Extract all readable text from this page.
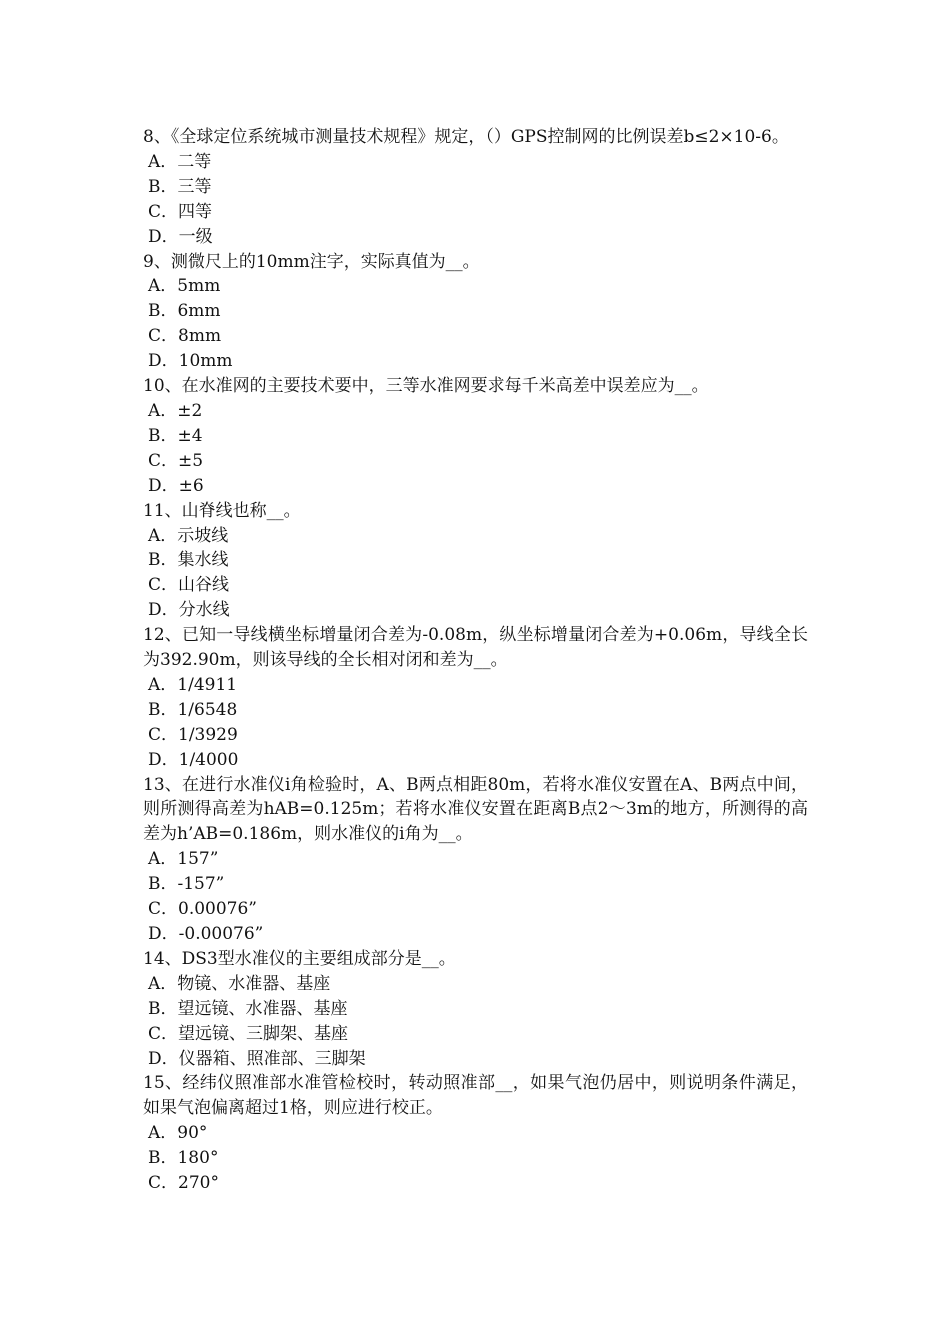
8、《全球定位系统城市测量技术规程》规定，（）GPS控制网的比例误差b≤2×10-6。

A．二等

B．三等

C．四等

D．一级

9、测微尺上的10mm注字，实际真值为__。

A．5mm

B．6mm

C．8mm

D．10mm

10、在水准网的主要技术要中，三等水准网要求每千米高差中误差应为__。

A．±2

B．±4

C．±5

D．±6

11、山脊线也称__。

A．示坡线

B．集水线

C．山谷线

D．分水线

12、已知一导线横坐标增量闭合差为-0.08m，纵坐标增量闭合差为+0.06m，导线全长为392.90m，则该导线的全长相对闭和差为__。

A．1/4911

B．1/6548

C．1/3929

D．1/4000

13、在进行水准仪i角检验时，A、B两点相距80m，若将水准仪安置在A、B两点中间，则所测得高差为hAB=0.125m；若将水准仪安置在距离B点2～3m的地方，所测得的高差为h’AB=0.186m，则水准仪的i角为__。

A．157”

B．-157”

C．0.00076”

D．-0.00076”

14、DS3型水准仪的主要组成部分是__。

A．物镜、水准器、基座

B．望远镜、水准器、基座

C．望远镜、三脚架、基座

D．仪器箱、照准部、三脚架

15、经纬仪照准部水准管检校时，转动照准部__，如果气泡仍居中，则说明条件满足，如果气泡偏离超过1格，则应进行校正。

A．90°

B．180°

C．270°
